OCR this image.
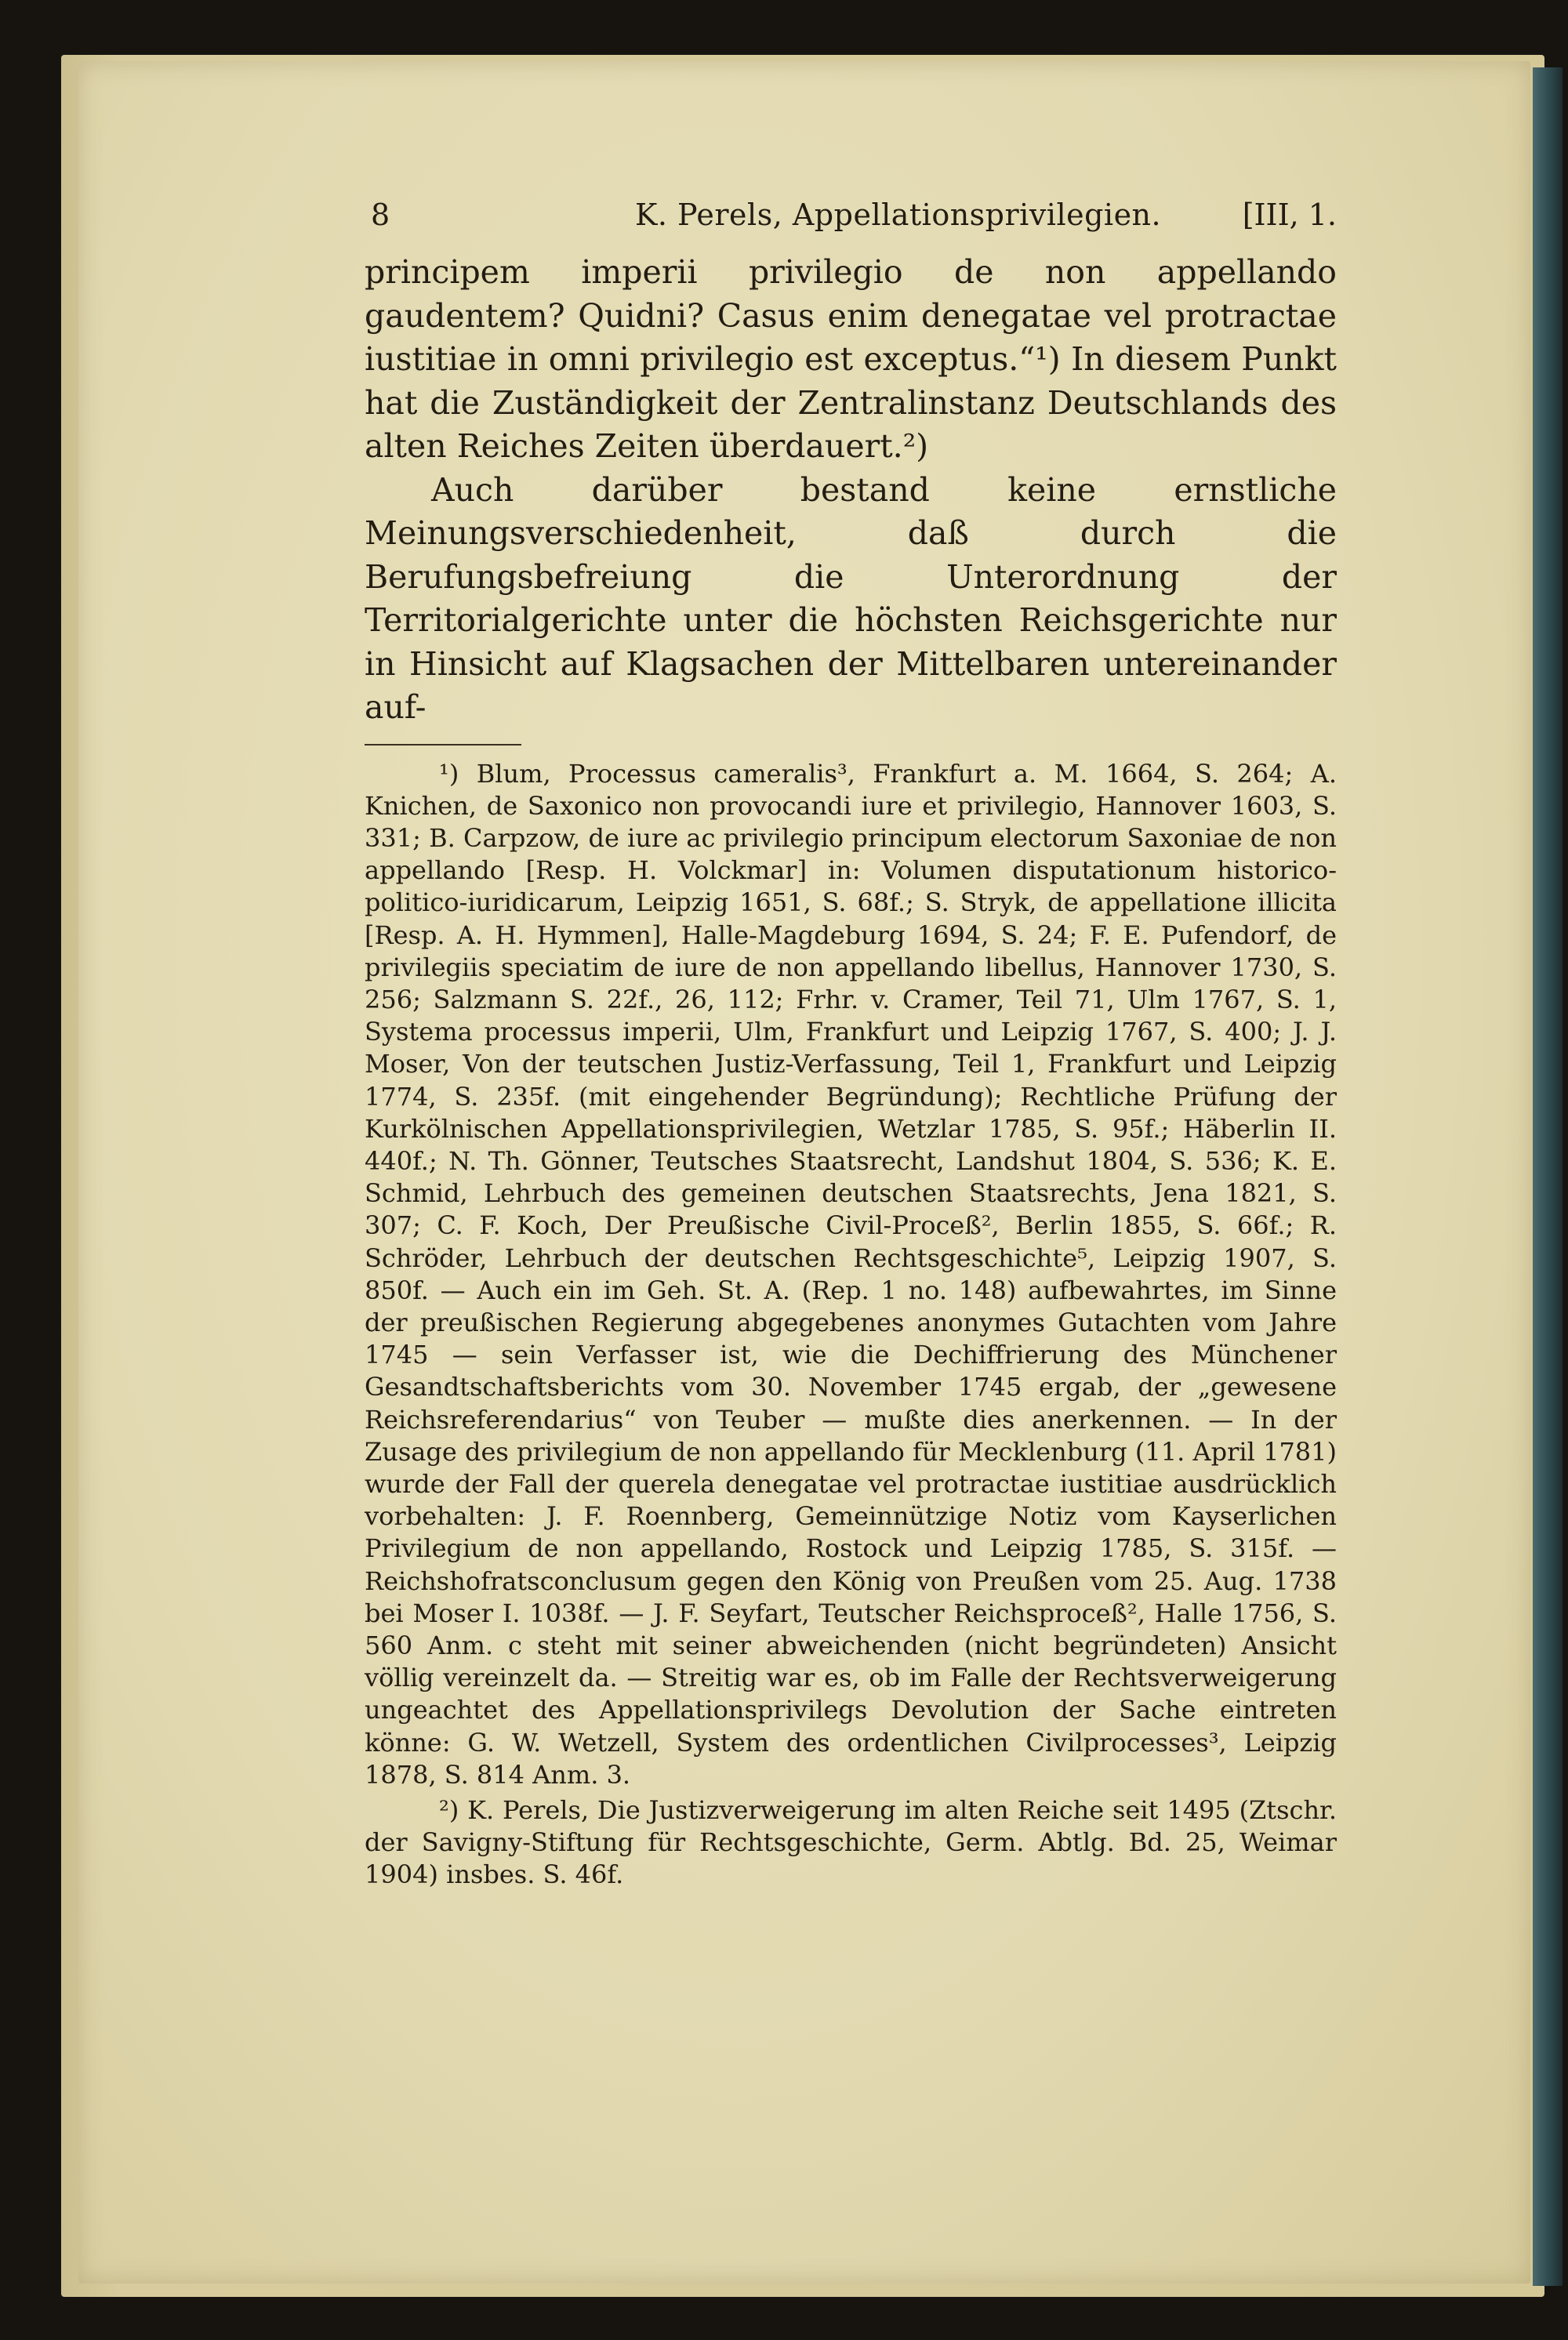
8	K. Perels, Appellationsprivilegien.	[III, 1.

principem imperii privilegio de non appellando gaudentem? Quidni? Casus enim denegatae vel protractae iustitiae in omni privilegio est exceptus.“¹) In diesem Punkt hat die Zuständigkeit der Zentralinstanz Deutschlands des alten Reiches Zeiten überdauert.²)

Auch darüber bestand keine ernstliche Meinungsverschiedenheit, daß durch die Berufungsbefreiung die Unterordnung der Territorialgerichte unter die höchsten Reichsgerichte nur in Hinsicht auf Klagsachen der Mittelbaren untereinander auf-

¹) Blum, Processus cameralis³, Frankfurt a. M. 1664, S. 264; A. Knichen, de Saxonico non provocandi iure et privilegio, Hannover 1603, S. 331; B. Carpzow, de iure ac privilegio principum electorum Saxoniae de non appellando [Resp. H. Volckmar] in: Volumen disputationum historico-politico-iuridicarum, Leipzig 1651, S. 68f.; S. Stryk, de appellatione illicita [Resp. A. H. Hymmen], Halle-Magdeburg 1694, S. 24; F. E. Pufendorf, de privilegiis speciatim de iure de non appellando libellus, Hannover 1730, S. 256; Salzmann S. 22f., 26, 112; Frhr. v. Cramer, Teil 71, Ulm 1767, S. 1, Systema processus imperii, Ulm, Frankfurt und Leipzig 1767, S. 400; J. J. Moser, Von der teutschen Justiz-Verfassung, Teil 1, Frankfurt und Leipzig 1774, S. 235f. (mit eingehender Begründung); Rechtliche Prüfung der Kurkölnischen Appellationsprivilegien, Wetzlar 1785, S. 95f.; Häberlin II. 440f.; N. Th. Gönner, Teutsches Staatsrecht, Landshut 1804, S. 536; K. E. Schmid, Lehrbuch des gemeinen deutschen Staatsrechts, Jena 1821, S. 307; C. F. Koch, Der Preußische Civil-Proceß², Berlin 1855, S. 66f.; R. Schröder, Lehrbuch der deutschen Rechtsgeschichte⁵, Leipzig 1907, S. 850f. — Auch ein im Geh. St. A. (Rep. 1 no. 148) aufbewahrtes, im Sinne der preußischen Regierung abgegebenes anonymes Gutachten vom Jahre 1745 — sein Verfasser ist, wie die Dechiffrierung des Münchener Gesandtschaftsberichts vom 30. November 1745 ergab, der „gewesene Reichsreferendarius“ von Teuber — mußte dies anerkennen. — In der Zusage des privilegium de non appellando für Mecklenburg (11. April 1781) wurde der Fall der querela denegatae vel protractae iustitiae ausdrücklich vorbehalten: J. F. Roennberg, Gemeinnützige Notiz vom Kayserlichen Privilegium de non appellando, Rostock und Leipzig 1785, S. 315f. — Reichshofratsconclusum gegen den König von Preußen vom 25. Aug. 1738 bei Moser I. 1038f. — J. F. Seyfart, Teutscher Reichsproceß², Halle 1756, S. 560 Anm. c steht mit seiner abweichenden (nicht begründeten) Ansicht völlig vereinzelt da. — Streitig war es, ob im Falle der Rechtsverweigerung ungeachtet des Appellationsprivilegs Devolution der Sache eintreten könne: G. W. Wetzell, System des ordentlichen Civilprocesses³, Leipzig 1878, S. 814 Anm. 3.

²) K. Perels, Die Justizverweigerung im alten Reiche seit 1495 (Ztschr. der Savigny-Stiftung für Rechtsgeschichte, Germ. Abtlg. Bd. 25, Weimar 1904) insbes. S. 46f.
